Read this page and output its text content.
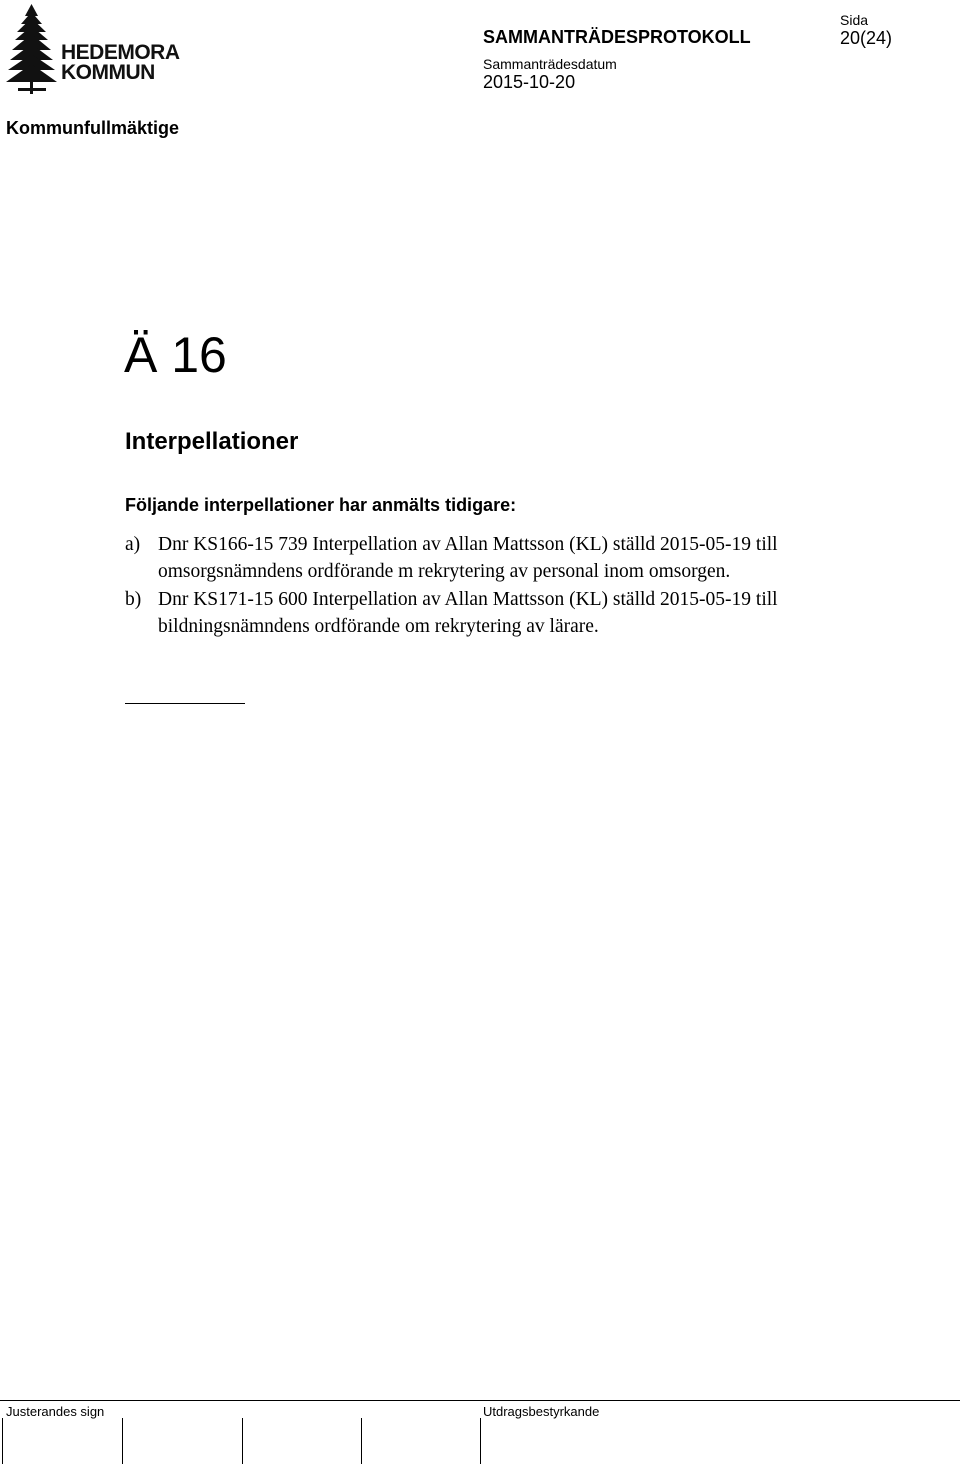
HEDEMORA
KOMMUN
SAMMANTRÄDESPROTOKOLL
Sammanträdesdatum
2015-10-20
Sida
20(24)
Kommunfullmäktige
Ä 16
Interpellationer
Följande interpellationer har anmälts tidigare:
a) Dnr KS166-15 739 Interpellation av Allan Mattsson (KL) ställd 2015-05-19 till omsorgsnämndens ordförande m rekrytering av personal inom omsorgen.
b) Dnr KS171-15 600 Interpellation av Allan Mattsson (KL) ställd 2015-05-19 till bildningsnämndens ordförande om rekrytering av lärare.
Justerandes sign	Utdragsbestyrkande
